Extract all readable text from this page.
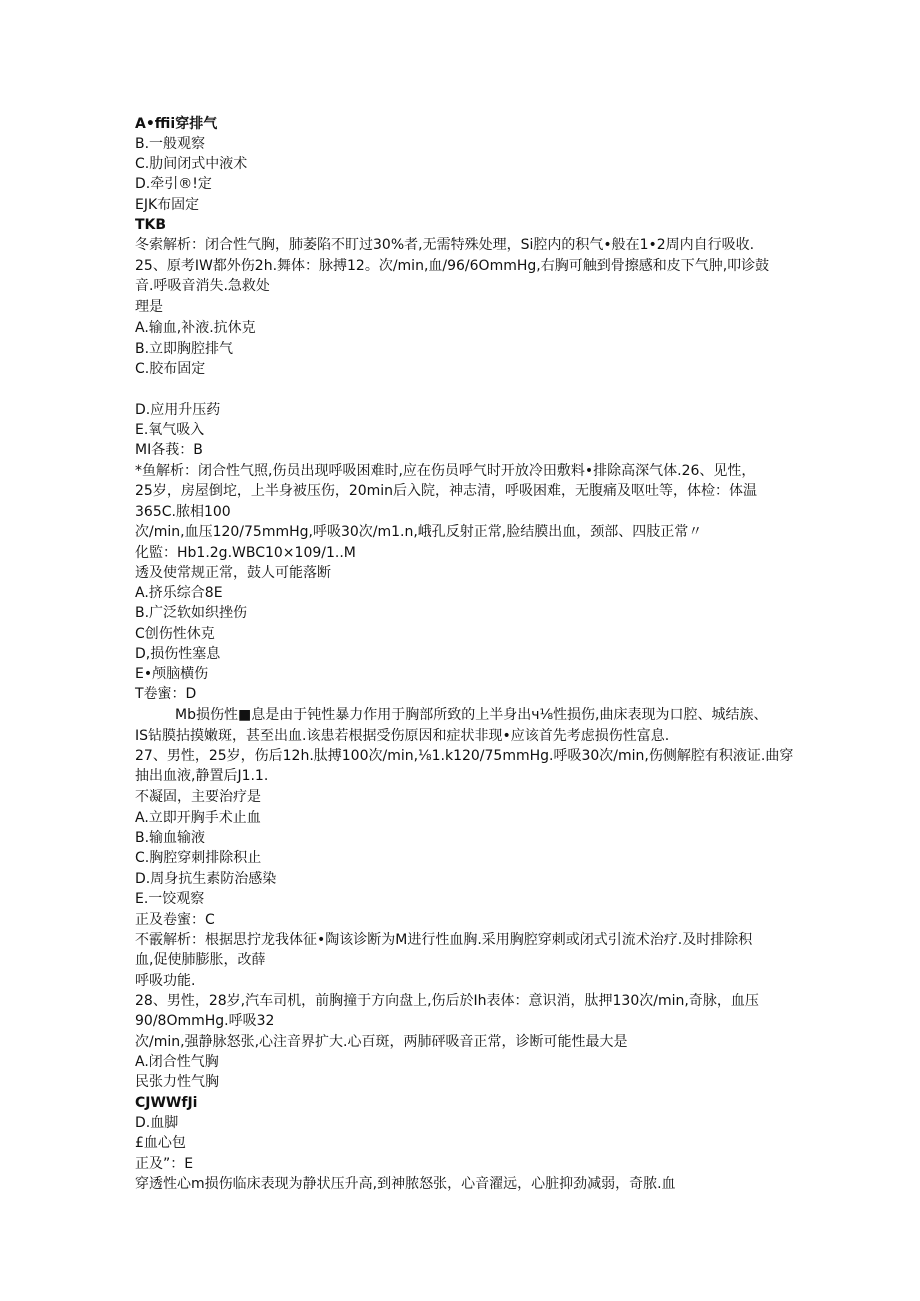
A•ffii穿排气
B.一般观察
C.肋间闭式中液术
D.牵引®!定
EJK布固定
TKB
冬索解析：闭合性气胸，肺萎陷不盯过30%者,无需特殊处理，Si腔内的积气•般在1•2周内自行吸收.
25、原考IW都外伤2h.舞体：脉搏12。次/min,血/96/6OmmHg,右胸可触到骨擦感和皮下气肿,叩诊鼓
音.呼吸音消失.急救处
理是
A.输血,补液.抗休克
B.立即胸腔排气
C.胶布固定
D.应用升压药
E.氧气吸入
MI各莪：B
*鱼解析：闭合性气照,伤员出现呼吸困难时,应在伤员呼气时开放冷田敷料•排除高深气体.26、见性，
25岁，房屋倒坨，上半身被压伤，20min后入院，神志清，呼吸困难，无腹痛及呕吐等，体检：体温
365C.脓相100
次/min,血压120/75mmHg,呼吸30次/m1.n,峨孔反射正常,脸结膜出血，颈部、四肢正常〃
化監：Hb1.2g.WBC10×109/1..M
透及使常规正常，鼓人可能落断
A.挤乐综合8E
B.广泛软如织挫伤
C创伤性休克
D,损伤性塞息
E•颅脑横伤
T卷蜜：D
Mb损伤性■息是由于钝性暴力作用于胸部所致的上半身出ч⅛性损伤,曲床表现为口腔、城结族、
IS钻膜拈摸嫩斑，甚至出血.该患若根据受伤原因和症状非现•应该首先考虑损伤性富息.
27、男性，25岁，伤后12h.肽搏100次/min,⅛1.k120/75mmHg.呼吸30次/min,伤侧解腔有积液证.曲穿
抽出血液,静置后J1.1.
不凝固，主要治疗是
A.立即开胸手术止血
B.输血输液
C.胸腔穿刺排除积止
D.周身抗生素防治感染
E.一饺观察
正及卷蜜：C
不霰解析：根据思拧龙我体征•陶该诊断为M进行性血胸.采用胸腔穿刺或闭式引流术治疗.及时排除积
血,促使肺膨胀，改薛
呼吸功能.
28、男性，28岁,汽车司机，前胸撞于方向盘上,伤后於Ih表体：意识消，肽押130次/min,奇脉，血压
90/8OmmHg.呼吸32
次/min,强静脉怒张,心注音界扩大.心百斑，两肺砰吸音正常，诊断可能性最大是
A.闭合性气胸
民张力性气胸
CJWWfJi
D.血脚
£血心包
正及”：E
穿透性心m损伤临床表现为静状压升高,到神脓怒张，心音濯远，心脏抑劲减弱，奇脓.血
